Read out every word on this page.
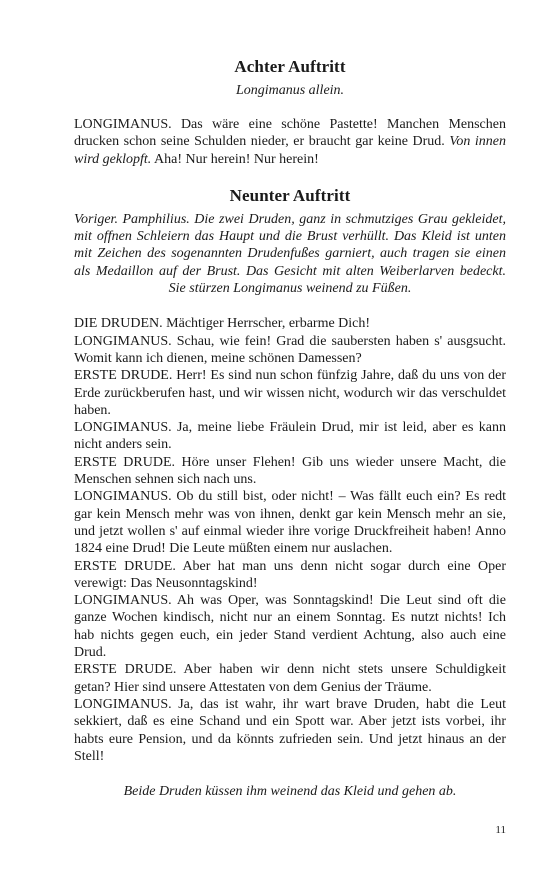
Achter Auftritt
Longimanus allein.

LONGIMANUS. Das wäre eine schöne Pastette! Manchen Menschen drucken schon seine Schulden nieder, er braucht gar keine Drud. Von innen wird geklopft. Aha! Nur herein! Nur herein!

Neunter Auftritt

Voriger. Pamphilius. Die zwei Druden, ganz in schmutziges Grau gekleidet, mit offnen Schleiern das Haupt und die Brust verhüllt. Das Kleid ist unten mit Zeichen des sogenannten Drudenfußes garniert, auch tragen sie einen als Medaillon auf der Brust. Das Gesicht mit alten Weiberlarven bedeckt. Sie stürzen Longimanus weinend zu Füßen.

DIE DRUDEN. Mächtiger Herrscher, erbarme Dich!

LONGIMANUS. Schau, wie fein! Grad die saubersten haben s' ausgsucht. Womit kann ich dienen, meine schönen Damessen?

ERSTE DRUDE. Herr! Es sind nun schon fünfzig Jahre, daß du uns von der Erde zurückberufen hast, und wir wissen nicht, wodurch wir das verschuldet haben.

LONGIMANUS. Ja, meine liebe Fräulein Drud, mir ist leid, aber es kann nicht anders sein.

ERSTE DRUDE. Höre unser Flehen! Gib uns wieder unsere Macht, die Menschen sehnen sich nach uns.

LONGIMANUS. Ob du still bist, oder nicht! – Was fällt euch ein? Es redt gar kein Mensch mehr was von ihnen, denkt gar kein Mensch mehr an sie, und jetzt wollen s' auf einmal wieder ihre vorige Druckfreiheit haben! Anno 1824 eine Drud! Die Leute müßten einem nur auslachen.

ERSTE DRUDE. Aber hat man uns denn nicht sogar durch eine Oper verewigt: Das Neusonntagskind!

LONGIMANUS. Ah was Oper, was Sonntagskind! Die Leut sind oft die ganze Wochen kindisch, nicht nur an einem Sonntag. Es nutzt nichts! Ich hab nichts gegen euch, ein jeder Stand verdient Achtung, also auch eine Drud.

ERSTE DRUDE. Aber haben wir denn nicht stets unsere Schuldigkeit getan? Hier sind unsere Attestaten von dem Genius der Träume.

LONGIMANUS. Ja, das ist wahr, ihr wart brave Druden, habt die Leut sekkiert, daß es eine Schand und ein Spott war. Aber jetzt ists vorbei, ihr habts eure Pension, und da könnts zufrieden sein. Und jetzt hinaus an der Stell!

Beide Druden küssen ihm weinend das Kleid und gehen ab.
11
